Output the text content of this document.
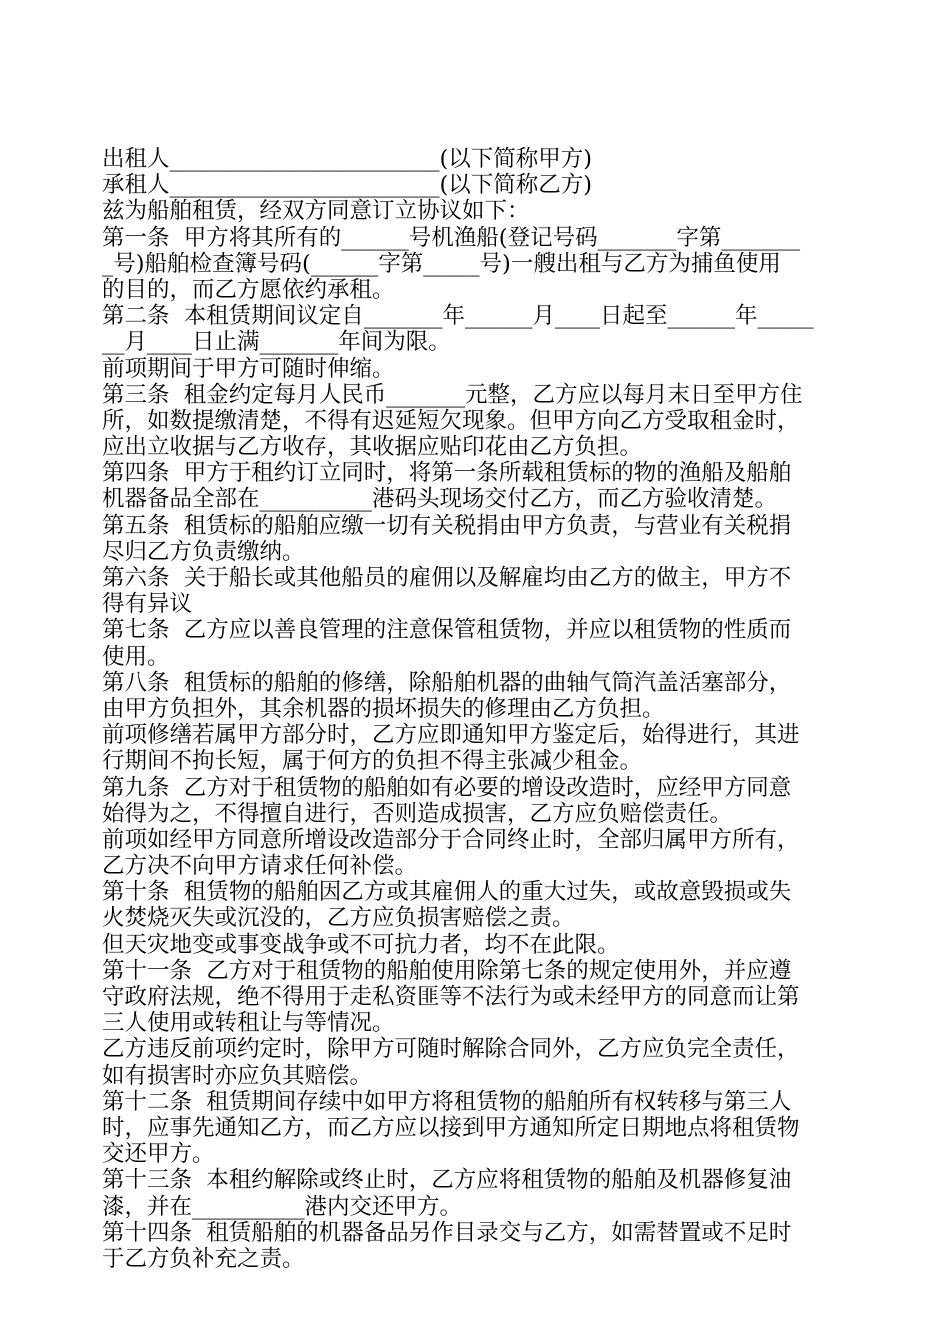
出租人________________________(以下简称甲方)
承租人________________________(以下简称乙方)
兹为船舶租赁，经双方同意订立协议如下：
第一条  甲方将其所有的______号机渔船(登记号码_______字第_______
_号)船舶检查簿号码(______字第_____号)一艘出租与乙方为捕鱼使用
的目的，而乙方愿依约承租。
第二条  本租赁期间议定自_______年______月____日起至______年_____
__月____日止满_______年间为限。
前项期间于甲方可随时伸缩。
第三条  租金约定每月人民币_______元整，乙方应以每月末日至甲方住
所，如数提缴清楚，不得有迟延短欠现象。但甲方向乙方受取租金时，
应出立收据与乙方收存，其收据应贴印花由乙方负担。
第四条  甲方于租约订立同时，将第一条所载租赁标的物的渔船及船舶
机器备品全部在__________港码头现场交付乙方，而乙方验收清楚。
第五条  租赁标的船舶应缴一切有关税捐由甲方负责，与营业有关税捐
尽归乙方负责缴纳。
第六条  关于船长或其他船员的雇佣以及解雇均由乙方的做主，甲方不
得有异议
第七条  乙方应以善良管理的注意保管租赁物，并应以租赁物的性质而
使用。
第八条  租赁标的船舶的修缮，除船舶机器的曲轴气筒汽盖活塞部分，
由甲方负担外，其余机器的损坏损失的修理由乙方负担。
前项修缮若属甲方部分时，乙方应即通知甲方鉴定后，始得进行，其进
行期间不拘长短，属于何方的负担不得主张减少租金。
第九条  乙方对于租赁物的船舶如有必要的增设改造时，应经甲方同意
始得为之，不得擅自进行，否则造成损害，乙方应负赔偿责任。
前项如经甲方同意所增设改造部分于合同终止时，全部归属甲方所有，
乙方决不向甲方请求任何补偿。
第十条  租赁物的船舶因乙方或其雇佣人的重大过失，或故意毁损或失
火焚烧灭失或沉没的，乙方应负损害赔偿之责。
但天灾地变或事变战争或不可抗力者，均不在此限。
第十一条  乙方对于租赁物的船舶使用除第七条的规定使用外，并应遵
守政府法规，绝不得用于走私资匪等不法行为或未经甲方的同意而让第
三人使用或转租让与等情况。
乙方违反前项约定时，除甲方可随时解除合同外，乙方应负完全责任，
如有损害时亦应负其赔偿。
第十二条  租赁期间存续中如甲方将租赁物的船舶所有权转移与第三人
时，应事先通知乙方，而乙方应以接到甲方通知所定日期地点将租赁物
交还甲方。
第十三条  本租约解除或终止时，乙方应将租赁物的船舶及机器修复油
漆，并在__________港内交还甲方。
第十四条  租赁船舶的机器备品另作目录交与乙方，如需替置或不足时
于乙方负补充之责。
